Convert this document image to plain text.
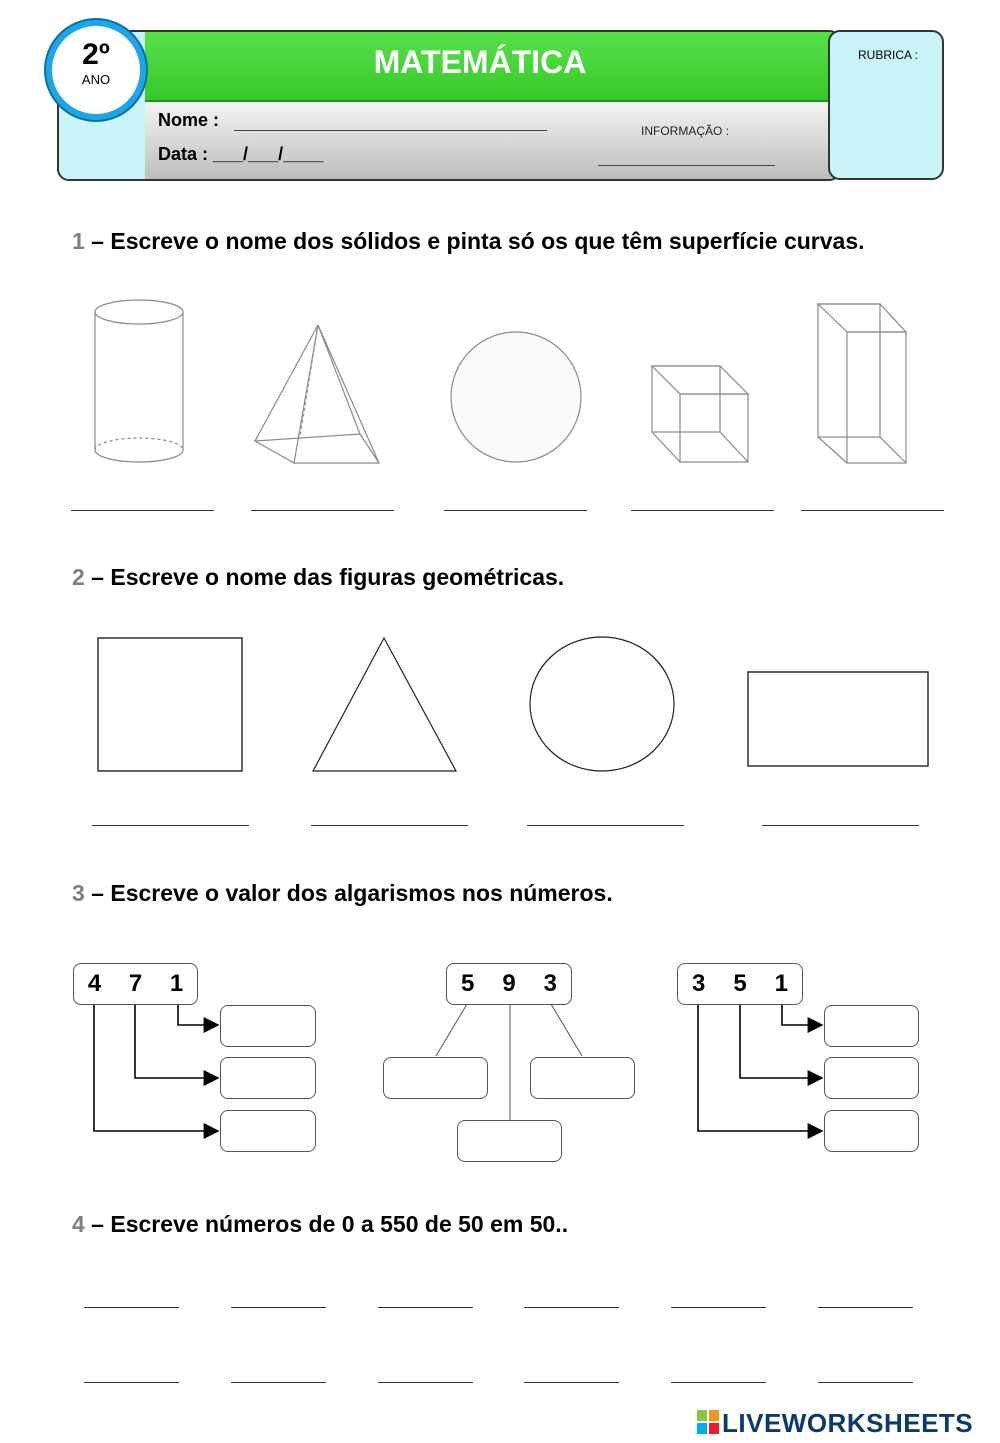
MATEMÁTICA
2º
ANO
RUBRICA :
Nome :
Data : ___/___/____
INFORMAÇÃO :
1 – Escreve o nome dos sólidos e pinta só os que têm superfície curvas.
2 – Escreve o nome das figuras geométricas.
3 – Escreve o valor dos algarismos nos números.
4 7 1	5 9 3	3 5 1
4 – Escreve números de 0 a 550 de 50 em 50..
LIVEWORKSHEETS
